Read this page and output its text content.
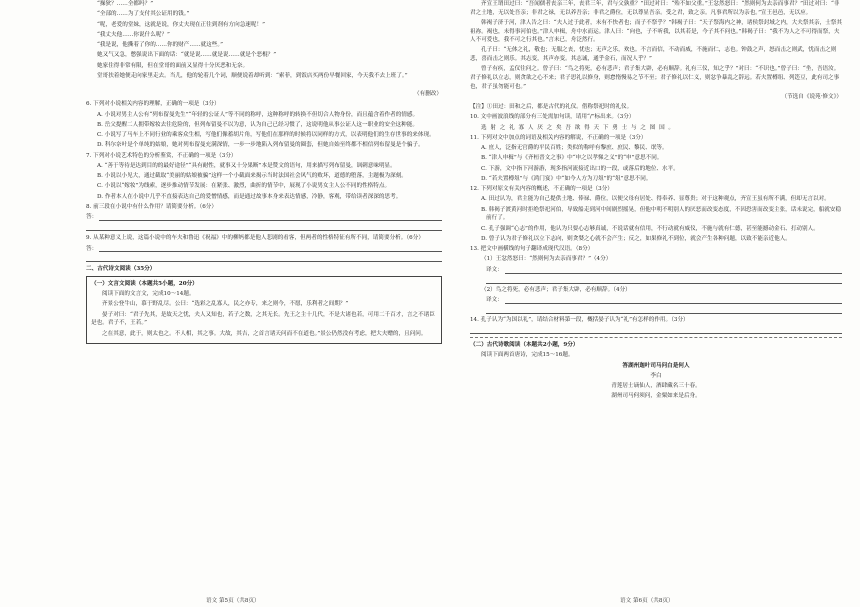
“操狄？……全都吗？”

“全部的……为了支付其公证用的钱。”

“呢，老爱的堂妹，这就是说，你丈夫现在正往到剂有方向急速呢！”

“我丈夫他……你说什么呢？”

“我是说，他撕着了你的……你的财产……就这些。”

她又气又急，憋强说出下面的话：“就是说……就是说……就是个恶棍？”

她家住得非常有限，但在堂哥的面前又显得十分厌恶和无奈。

堂哥扶着她便走向家里走去。当儿，他的轮着几个词，顺便说着却听到：“索菲，到饭店买两份早餐回家，今天我不去上班了。”

（有删改）

6. 下列对小说相关内容的理解，正确的一项是（3分）

A. 小说对男主人公有“列布留曼先生”“年轻的公证人”等不同的称呼，这种称呼的转换不但切合人物身份，而且蕴含着作者的情感。

B. 岳父提醒二人拥带嫁妆去往危险的，但列布留曼不以为意，认为自己已经习惯了，这说明他从事公证人这一职业的安全这种能。

C. 小说写了马车上不同行业的乘客众生相，写他们像蓄胡片角，写他们在那样的时候将以同样的方式，以表明他们的生存世事的来体现。

D. 科尔奈叶是个单纯的姑娘，她对列布留曼充满深情，一步一步地陷入列布留曼的圈套，但她自始至终都不相信列布留曼是个骗子。

7. 下列对小说艺术特色的分析鉴赏，不正确的一项是（3分）

A. “善于等待是达到目的的最好途径”“具有耐性，就事又十分果断”本是赞文的语句，用来描写列布留曼，讽刺意味明显。

B. 小说以小见大，通过截取“美丽的姑娘被骗”这样一个小截面来揭示当时法国社会风气的败坏，道德的堕落，主题极为深刻。

C. 小说以“嫁妆”为线索，逐步推动情节发展：在紧张、激烈，曲折的情节中，展现了小说男女主人公不同的性格特点。

D. 作者本人在小说中几乎不直接表达自己的爱憎情感，而是通过故事本身来表达情感，冷静，客观，带给读者深深的思考。

8. 前三段在小说中有什么作用？请简要分析。（6分）

答：

9. 从某种意义上说，这篇小说中的车夫和鲁迅《祝福》中的柳妈都是他人悲剧的看客，但两者的性格特征有所不同，请简要分析。（6分）

答：

二、古代诗文阅读（35分）

（一）文言文阅读（本题共5小题，20分）

阅读下面的文言文，完成10～14题。

齐景公登牛山，慕于野乱尽。公曰：“选彩之乱寡人，民之亦专，来之则今，不愿，乐利者之间期？”

晏子对曰：“君子先其，是故天之忧，夫人又知也，若子之数，之其无长。先王之主十几代，不是大诸也若，可用二千百才，言之不诸臣是也。君子不，王若。”

之在其意，此于，则太也之。不人相，其之事。大故，其吉，之首言诸天问而不在道也。”景公仍然没有考虑，把大夫赠的，且问问。

语文 第5页（共8页）

齐宣王谓田过曰：“吾闻儒者丧亲三年，丧君三年，君与父孰重？”田过对曰：“殆不如父重。”王忿然怒曰：“然则何为去亲而事君？”田过对曰：“非君之土地，无以处吾亲；非君之禄，无以养吾亲；非君之爵位，无以尊显吾亲。受之君，致之亲。凡事君所以为亲也。”宣王邑邑，无以应。

韩褐子济于河，津人告之曰：“夫人过于此者，未有不快者也；而子不祭乎？”韩褐子曰：“天子祭海内之神，诸侯祭封域之内，大夫祭其亲，士祭其祖祢。褐也，未得事河伯也。”津人申楫，舟中水而运。津人曰：“向也，子不听我，以其若是，今子其不问也。”韩褐子曰：“我不为人之不可得而祭，夫人不可爱也，我不可之行其也。”言未已，舟泛然行。

孔子曰：“无体之礼，敬也；无服之丧，忧也；无声之乐，欢也。不言而信，不动而威，不施而仁，志也。钟鼓之声，怒而击之则武，忧而击之则悲，喜而击之则乐。其志变，其声亦变。其志诚，通乎金石，而况人乎？”

曾子有疾，孟仪往问之。曾子曰：“鸟之将死，必有悲声；君子集大辟，必有顺辞。礼有三仪，知之乎？”对曰：“不识也。”曾子曰：“坐，吾语汝。君子修礼以立志，则贪欲之心不来；君子思礼以修身，则怠惰慢易之节不至；君子修礼以仁义，则忿争暴乱之辞远。若夫置樽俎、列笾豆，此有司之事也，君子虽勿能可也。”

（节选自《说苑·修文》）

【注】①田过：田和之后，都是古代的礼仪。借称祭祀时的礼仪。

10. 文中画波浪线的部分有三处需加句读，请用“/”标出来。（3分）

选 射 之 礼 寡 人 厌 之 矣 吾 欲 得 天 下 勇 士 与 之 图 国 。

11. 下列对文中加点的词语及相关内容的解说，不正确的一项是（3分）

A. 庶人，泛指无官爵的平民百姓；类似的称呼有黎庶、庶民、黎民、氓等。

B. “津人申楫”与《齐桓晋文之事》中“申之以孝悌之义”的“申”意思不同。

C. 下游，文中指下河游游，现多指河流接近出口的一段，或落后的地位、水平。

D. “若夫置樽俎”与《鸿门宴》中“如今人方为刀俎”的“俎”意思不同。

12. 下列对原文有关内容的概述，不正确的一项是（3分）

A. 田过认为，君主能为自己提供土地、俸禄、爵位，以便父母有居处、得奉养、显尊贵；对于这种观点，齐宣王虽有所不满，但却无言以对。

B. 韩褐子渡黄河时拒绝祭祀河伯，导致船走到河中间剧烈摇晃，但他中明不明别人的厌恶而改变态度，不因恐害而改变主张，话未说完，船就安稳前行了。

C. 孔子强调“心志”的作用，他认为只要心志够真诚，不说话就有信用，不行动就有威仪，不施与就有仁德，甚至能撼动金石、打动别人。

D. 曾子认为君子修礼以立下志向，则贪婪之心就不会产生；反之，如果修礼不到位，就会产生各种问题，以致不能亲近他人。

13. 把文中画横线的句子翻译成现代汉语。（8分）

（1）王忿然怒曰：“然则何为去亲而事君？”（4分）

译文：

（2）鸟之将死，必有悲声；君子集大辟，必有顺辞。（4分）

译文：

14. 孔子认为“为国以礼”，请结合材料第一段，概括晏子认为“礼”有怎样的作用。（3分）

（二）古代诗歌阅读（本题共2小题，9分）

阅读下面两首唐诗，完成15～16题。

答湖州迦叶司马问白是何人

李白

青莲居士谪仙人，酒肆藏名三十春。

湖州司马何须问，金粟如来是后身。

语文 第6页（共8页）
